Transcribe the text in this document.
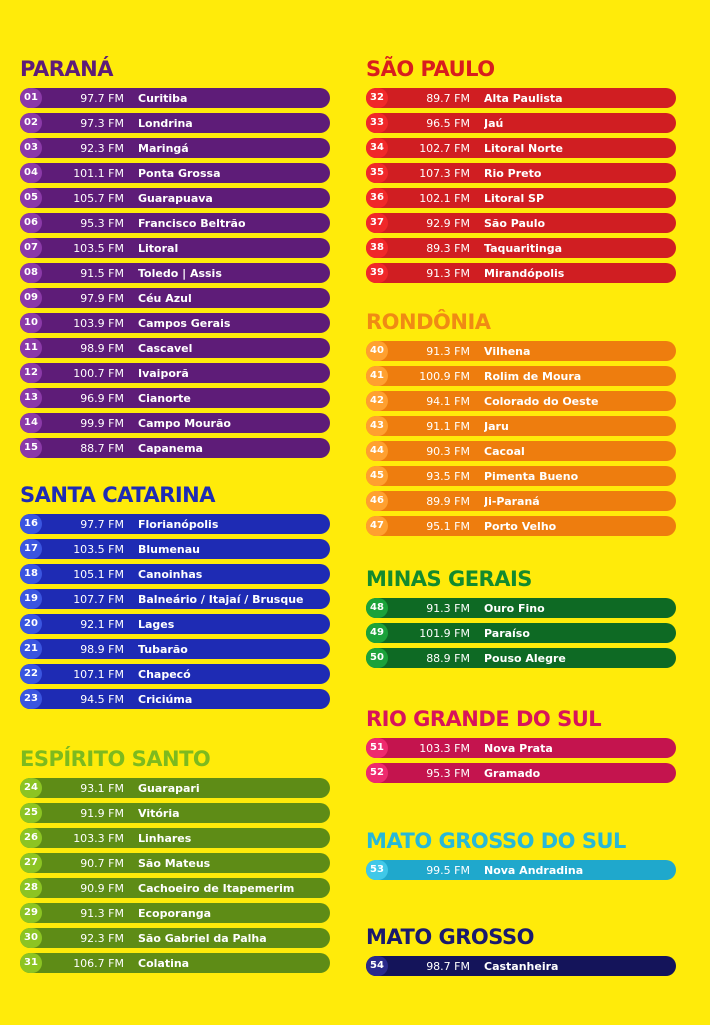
PARANÁ
01	97.7 FM	Curitiba
02	97.3 FM	Londrina
03	92.3 FM	Maringá
04	101.1 FM	Ponta Grossa
05	105.7 FM	Guarapuava
06	95.3 FM	Francisco Beltrão
07	103.5 FM	Litoral
08	91.5 FM	Toledo | Assis
09	97.9 FM	Céu Azul
10	103.9 FM	Campos Gerais
11	98.9 FM	Cascavel
12	100.7 FM	Ivaiporã
13	96.9 FM	Cianorte
14	99.9 FM	Campo Mourão
15	88.7 FM	Capanema
SANTA CATARINA
16	97.7 FM	Florianópolis
17	103.5 FM	Blumenau
18	105.1 FM	Canoinhas
19	107.7 FM	Balneário / Itajaí / Brusque
20	92.1 FM	Lages
21	98.9 FM	Tubarão
22	107.1 FM	Chapecó
23	94.5 FM	Criciúma
ESPÍRITO SANTO
24	93.1 FM	Guarapari
25	91.9 FM	Vitória
26	103.3 FM	Linhares
27	90.7 FM	São Mateus
28	90.9 FM	Cachoeiro de Itapemerim
29	91.3 FM	Ecoporanga
30	92.3 FM	São Gabriel da Palha
31	106.7 FM	Colatina
SÃO PAULO
32	89.7 FM	Alta Paulista
33	96.5 FM	Jaú
34	102.7 FM	Litoral Norte
35	107.3 FM	Rio Preto
36	102.1 FM	Litoral SP
37	92.9 FM	São Paulo
38	89.3 FM	Taquaritinga
39	91.3 FM	Mirandópolis
RONDÔNIA
40	91.3 FM	Vilhena
41	100.9 FM	Rolim de Moura
42	94.1 FM	Colorado do Oeste
43	91.1 FM	Jaru
44	90.3 FM	Cacoal
45	93.5 FM	Pimenta Bueno
46	89.9 FM	Ji-Paraná
47	95.1 FM	Porto Velho
MINAS GERAIS
48	91.3 FM	Ouro Fino
49	101.9 FM	Paraíso
50	88.9 FM	Pouso Alegre
RIO GRANDE DO SUL
51	103.3 FM	Nova Prata
52	95.3 FM	Gramado
MATO GROSSO DO SUL
53	99.5 FM	Nova Andradina
MATO GROSSO
54	98.7 FM	Castanheira
